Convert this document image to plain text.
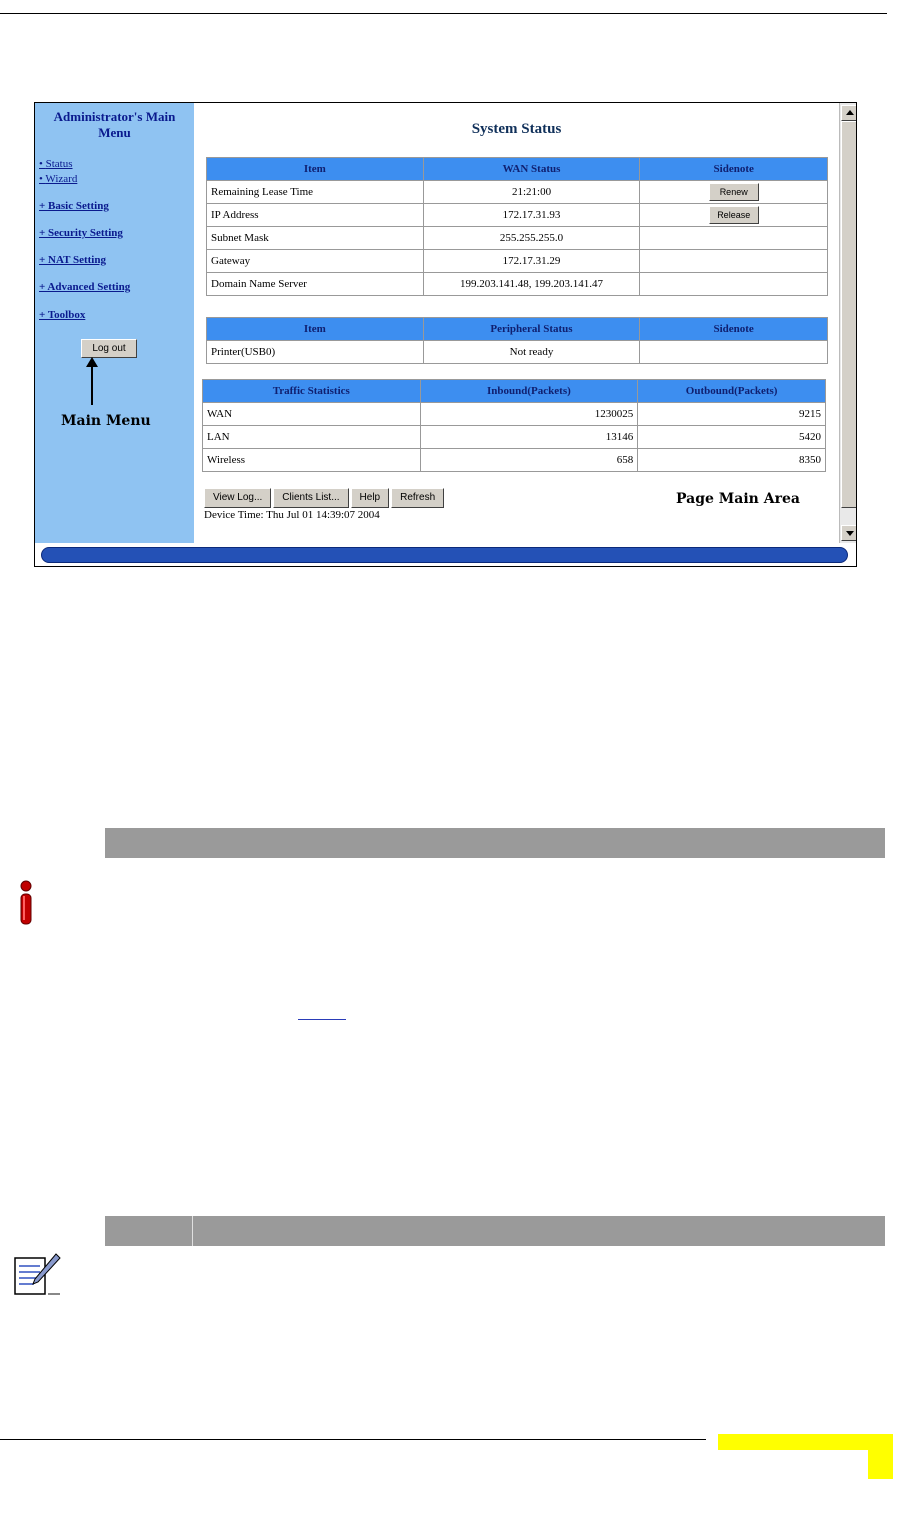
Administrator's Main
Menu
• Status
• Wizard
+ Basic Setting
+ Security Setting
+ NAT Setting
+ Advanced Setting
+ Toolbox
Log out
Main Menu
System Status
Item	WAN Status	Sidenote
Remaining Lease Time	21:21:00	Renew
IP Address	172.17.31.93	Release
Subnet Mask	255.255.255.0	
Gateway	172.17.31.29	
Domain Name Server	199.203.141.48, 199.203.141.47	
Item	Peripheral Status	Sidenote
Printer(USB0)	Not ready	
Traffic Statistics	Inbound(Packets)	Outbound(Packets)
WAN	1230025	9215
LAN	13146	5420
Wireless	658	8350
View Log... Clients List... Help Refresh
Device Time: Thu Jul 01 14:39:07 2004
Page Main Area
